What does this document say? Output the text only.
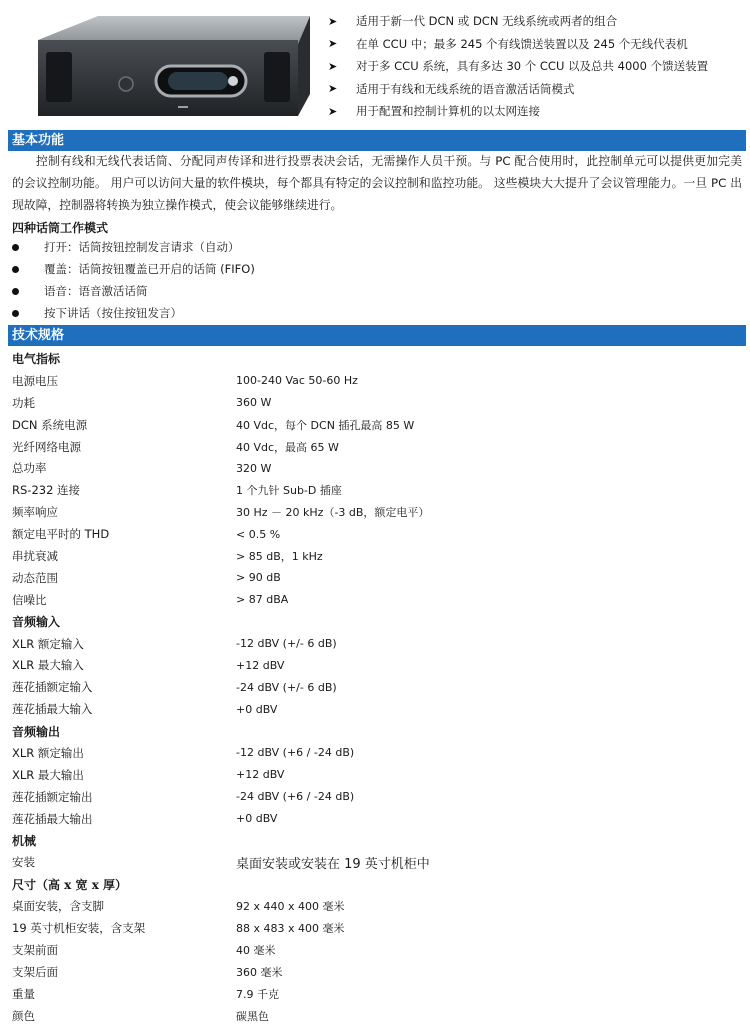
➤	适用于新一代 DCN 或 DCN 无线系统或两者的组合
➤	在单 CCU 中；最多 245 个有线馈送装置以及 245 个无线代表机
➤	对于多 CCU 系统，具有多达 30 个 CCU 以及总共 4000 个馈送装置
➤	适用于有线和无线系统的语音激活话筒模式
➤	用于配置和控制计算机的以太网连接
基本功能
控制有线和无线代表话筒、分配同声传译和进行投票表决会话，无需操作人员干预。与 PC 配合使用时，此控制单元可以提供更加完美的会议控制功能。 用户可以访问大量的软件模块，每个都具有特定的会议控制和监控功能。 这些模块大大提升了会议管理能力。一旦 PC 出现故障，控制器将转换为独立操作模式，使会议能够继续进行。
四种话筒工作模式
打开：话筒按钮控制发言请求（自动）
覆盖：话筒按钮覆盖已开启的话筒 (FIFO)
语音：语音激活话筒
按下讲话（按住按钮发言）
技术规格
电气指标
电源电压	100-240 Vac 50-60 Hz
功耗	360 W
DCN 系统电源	40 Vdc，每个 DCN 插孔最高 85 W
光纤网络电源	40 Vdc，最高 65 W
总功率	320 W
RS-232 连接	1 个九针 Sub-D 插座
频率响应	30 Hz － 20 kHz（-3 dB，额定电平）
额定电平时的 THD	< 0.5 %
串扰衰减	> 85 dB，1 kHz
动态范围	> 90 dB
信噪比	> 87 dBA
音频输入
XLR 额定输入	-12 dBV (+/- 6 dB)
XLR 最大输入	+12 dBV
莲花插额定输入	-24 dBV (+/- 6 dB)
莲花插最大输入	+0 dBV
音频输出
XLR 额定输出	-12 dBV (+6 / -24 dB)
XLR 最大输出	+12 dBV
莲花插额定输出	-24 dBV (+6 / -24 dB)
莲花插最大输出	+0 dBV
机械
安装	桌面安装或安装在 19 英寸机柜中
尺寸（高 x 宽 x 厚）
桌面安装，含支脚	92 x 440 x 400 毫米
19 英寸机柜安装，含支架	88 x 483 x 400 毫米
支架前面	40 毫米
支架后面	360 毫米
重量	7.9 千克
颜色	碳黑色
